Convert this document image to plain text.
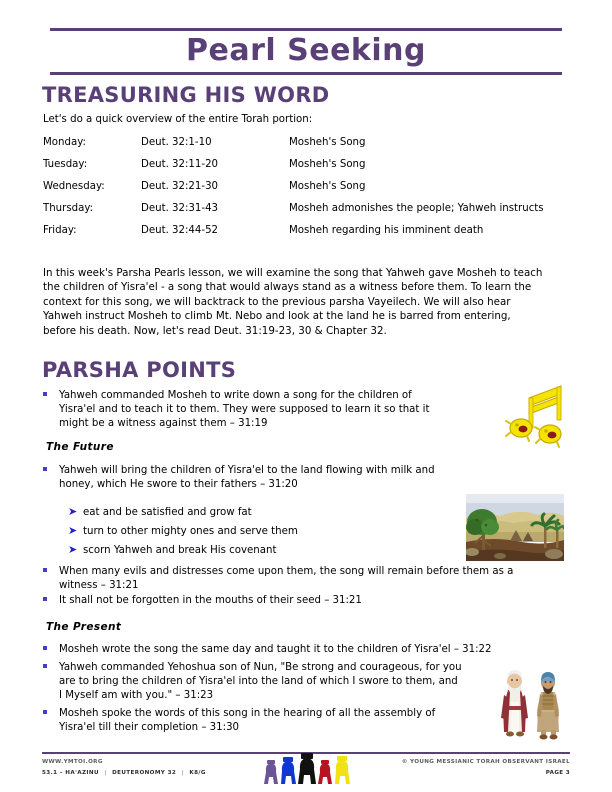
Pearl Seeking
TREASURING HIS WORD
Let's do a quick overview of the entire Torah portion:
Monday:	Deut. 32:1-10	Mosheh's Song
Tuesday:	Deut. 32:11-20	Mosheh's Song
Wednesday:	Deut. 32:21-30	Mosheh's Song
Thursday:	Deut. 32:31-43	Mosheh admonishes the people; Yahweh instructs
Friday:	Deut. 32:44-52	Mosheh regarding his imminent death
In this week's Parsha Pearls lesson, we will examine the song that Yahweh gave Mosheh to teach the children of Yisra'el - a song that would always stand as a witness before them. To learn the context for this song, we will backtrack to the previous parsha Vayeilech. We will also hear Yahweh instruct Mosheh to climb Mt. Nebo and look at the land he is barred from entering, before his death. Now, let's read Deut. 31:19-23, 30 & Chapter 32.
PARSHA POINTS
Yahweh commanded Mosheh to write down a song for the children of Yisra'el and to teach it to them. They were supposed to learn it so that it might be a witness against them – 31:19
The Future
Yahweh will bring the children of Yisra'el to the land flowing with milk and honey, which He swore to their fathers – 31:20
➤ eat and be satisfied and grow fat
➤ turn to other mighty ones and serve them
➤ scorn Yahweh and break His covenant
When many evils and distresses come upon them, the song will remain before them as a witness – 31:21
It shall not be forgotten in the mouths of their seed – 31:21
The Present
Mosheh wrote the song the same day and taught it to the children of Yisra'el – 31:22
Yahweh commanded Yehoshua son of Nun, "Be strong and courageous, for you are to bring the children of Yisra'el into the land of which I swore to them, and I Myself am with you." – 31:23
Mosheh spoke the words of this song in the hearing of all the assembly of Yisra'el till their completion – 31:30
WWW.YMTOI.ORG
53.1 – HA'AZINU | DEUTERONOMY 32 | K8/G
© YOUNG MESSIANIC TORAH OBSERVANT ISRAEL
PAGE 3
